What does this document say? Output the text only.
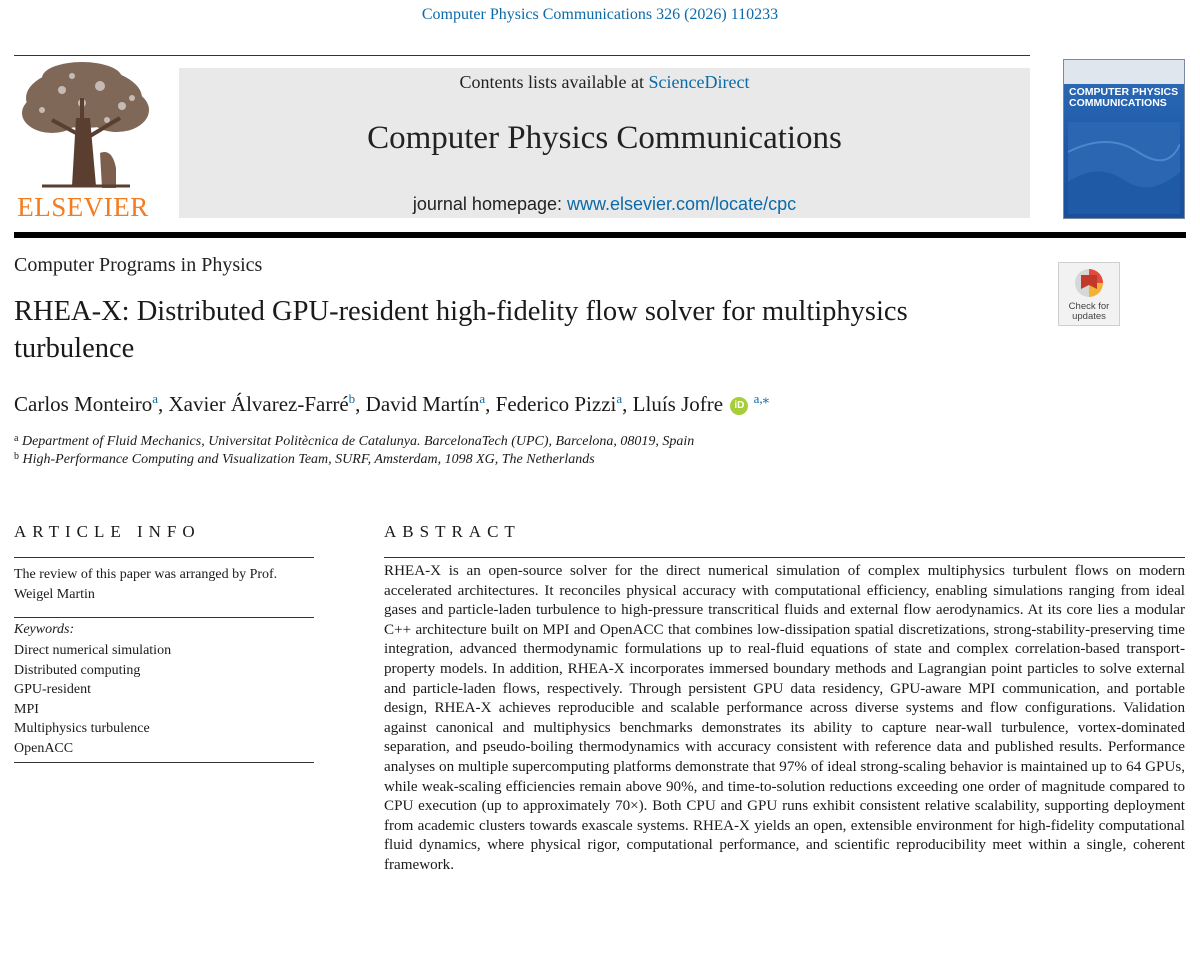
Computer Physics Communications 326 (2026) 110233
ELSEVIER
Contents lists available at ScienceDirect
Computer Physics Communications
journal homepage: www.elsevier.com/locate/cpc
COMPUTER PHYSICS COMMUNICATIONS
Computer Programs in Physics
RHEA-X: Distributed GPU-resident high-fidelity flow solver for multiphysics turbulence
Check for updates
Carlos Monteiro$^a$, Xavier Álvarez-Farré$^b$, David Martín$^a$, Federico Pizzi$^a$, Lluís Jofre iD $^{a,⁎}$
$^a$ Department of Fluid Mechanics, Universitat Politècnica de Catalunya. BarcelonaTech (UPC), Barcelona, 08019, Spain
$^b$ High-Performance Computing and Visualization Team, SURF, Amsterdam, 1098 XG, The Netherlands
ARTICLE INFO
The review of this paper was arranged by Prof. Weigel Martin
Keywords:
Direct numerical simulation
Distributed computing
GPU-resident
MPI
Multiphysics turbulence
OpenACC
ABSTRACT
RHEA-X is an open-source solver for the direct numerical simulation of complex multiphysics turbulent flows on modern accelerated architectures. It reconciles physical accuracy with computational efficiency, enabling simulations ranging from ideal gases and particle-laden turbulence to high-pressure transcritical fluids and external flow aerodynamics. At its core lies a modular C++ architecture built on MPI and OpenACC that combines low-dissipation spatial discretizations, strong-stability-preserving time integration, advanced thermodynamic formulations up to real-fluid equations of state and complex correlation-based transport-property models. In addition, RHEA-X incorporates immersed boundary methods and Lagrangian point particles to solve external and particle-laden flows, respectively. Through persistent GPU data residency, GPU-aware MPI communication, and portable design, RHEA-X achieves reproducible and scalable performance across diverse systems and flow configurations. Validation against canonical and multiphysics benchmarks demonstrates its ability to capture near-wall turbulence, vortex-dominated separation, and pseudo-boiling thermodynamics with accuracy consistent with reference data and published results. Performance analyses on multiple supercomputing platforms demonstrate that 97% of ideal strong-scaling behavior is maintained up to 64 GPUs, while weak-scaling efficiencies remain above 90%, and time-to-solution reductions exceeding one order of magnitude compared to CPU execution (up to approximately 70×). Both CPU and GPU runs exhibit consistent relative scalability, supporting deployment from academic clusters towards exascale systems. RHEA-X yields an open, extensible environment for high-fidelity computational fluid dynamics, where physical rigor, computational performance, and scientific reproducibility meet within a single, coherent framework.
